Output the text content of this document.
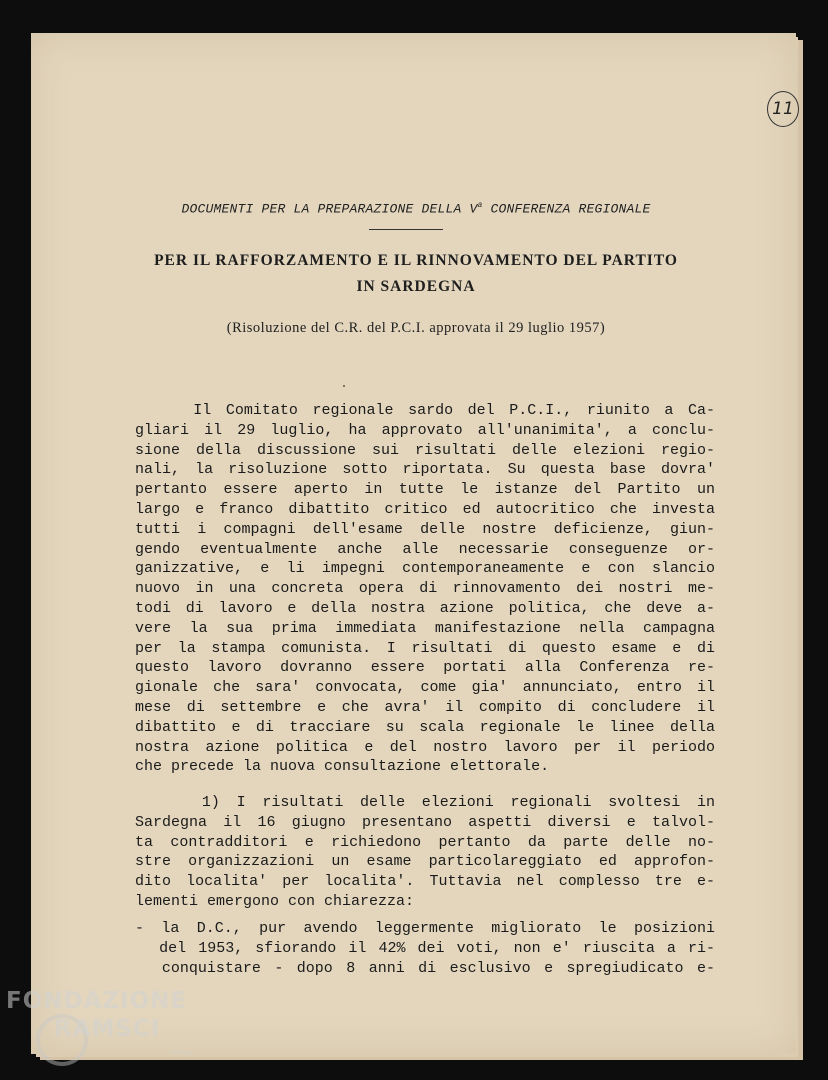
11
DOCUMENTI PER LA PREPARAZIONE DELLA $V^a$ CONFERENZA REGIONALE
PER IL RAFFORZAMENTO E IL RINNOVAMENTO DEL PARTITO
IN SARDEGNA
(Risoluzione del C.R. del P.C.I. approvata il 29 luglio 1957)
Il Comitato regionale sardo del P.C.I., riunito a Ca-
gliari il 29 luglio, ha approvato all'unanimita', a conclu-
sione della discussione sui risultati delle elezioni regio-
nali, la risoluzione sotto riportata. Su questa base dovra'
pertanto essere aperto in tutte le istanze del Partito un
largo e franco dibattito critico ed autocritico che investa
tutti i compagni dell'esame delle nostre deficienze, giun-
gendo eventualmente anche alle necessarie conseguenze or-
ganizzative, e li impegni contemporaneamente e con slancio
nuovo in una concreta opera di rinnovamento dei nostri me-
todi di lavoro e della nostra azione politica, che deve a-
vere la sua prima immediata manifestazione nella campagna
per la stampa comunista. I risultati di questo esame e di
questo lavoro dovranno essere portati alla Conferenza re-
gionale che sara' convocata, come gia' annunciato, entro il
mese di settembre e che avra' il compito di concludere il
dibattito e di tracciare su scala regionale le linee della
nostra azione politica e del nostro lavoro per il periodo
che precede la nuova consultazione elettorale.
1) I risultati delle elezioni regionali svoltesi in
Sardegna il 16 giugno presentano aspetti diversi e talvol-
ta contradditori e richiedono pertanto da parte delle no-
stre organizzazioni un esame particolareggiato ed approfon-
dito localita' per localita'. Tuttavia nel complesso tre e-
lementi emergono con chiarezza:
- la D.C., pur avendo leggermente migliorato le posizioni
del 1953, sfiorando il 42% dei voti, non e' riuscita a ri-
conquistare - dopo 8 anni di esclusivo e spregiudicato e-
FONDAZIONE
RAMSCI
onlus
